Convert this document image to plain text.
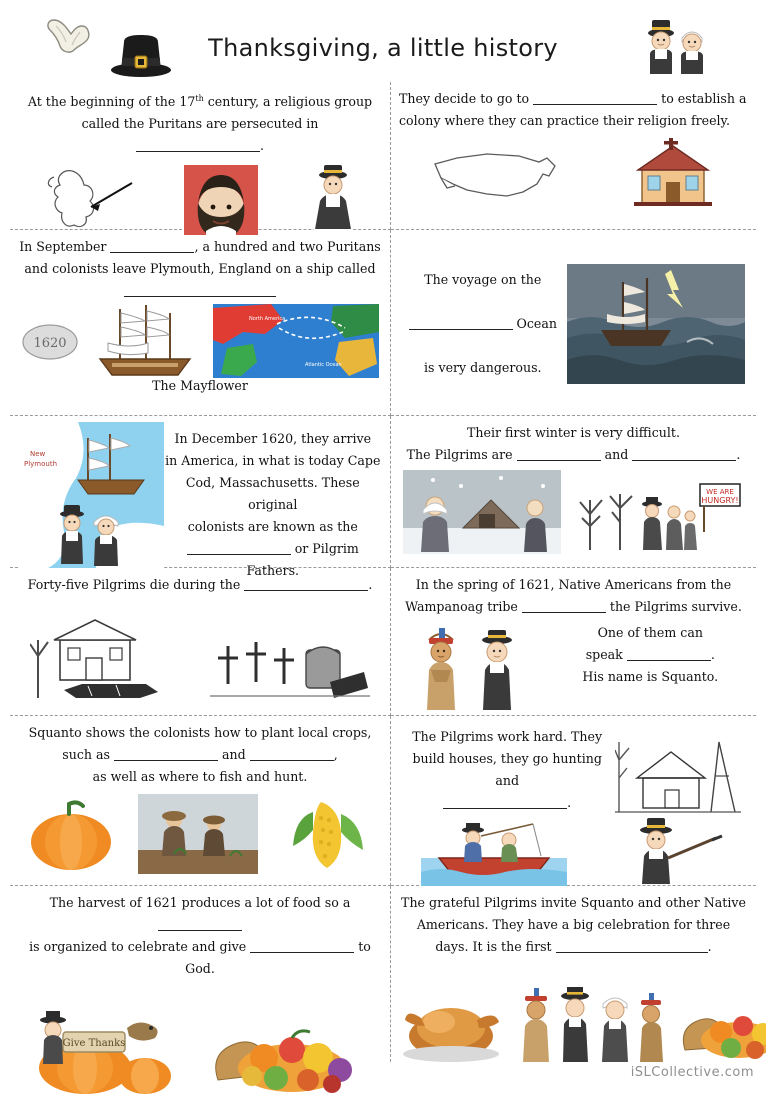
Thanksgiving, a little history
At the beginning of the 17th century, a religious group called the Puritans are persecuted in .
They decide to go to	to establish a colony where they can practice their religion freely.
In September	, a hundred and two Puritans
and colonists leave Plymouth, England on a ship called

1620
North America
Atlantic Ocean
The Mayflower
The voyage on the

Ocean

is very dangerous.
New
Plymouth
In December 1620, they arrive
in America, in what is today Cape
Cod, Massachusetts. These original
colonists are known as the
or Pilgrim Fathers.
Their first winter is very difficult.
The Pilgrims are	and	.
WE ARE
HUNGRY!
Forty-five Pilgrims die during the	.	In the spring of 1621, Native Americans from the
Wampanoag tribe	the Pilgrims survive.
One of them can
speak	.
His name is Squanto.
Squanto shows the colonists how to plant local crops,
such as	and	,
as well as where to fish and hunt.
The Pilgrims work hard. They
build houses, they go hunting and
.
The harvest of 1621 produces a lot of food so a
is organized to celebrate and give	to God.
Give Thanks
The grateful Pilgrims invite Squanto and other Native
Americans. They have a big celebration for three
days. It is the first	.
iSLCollective.com
